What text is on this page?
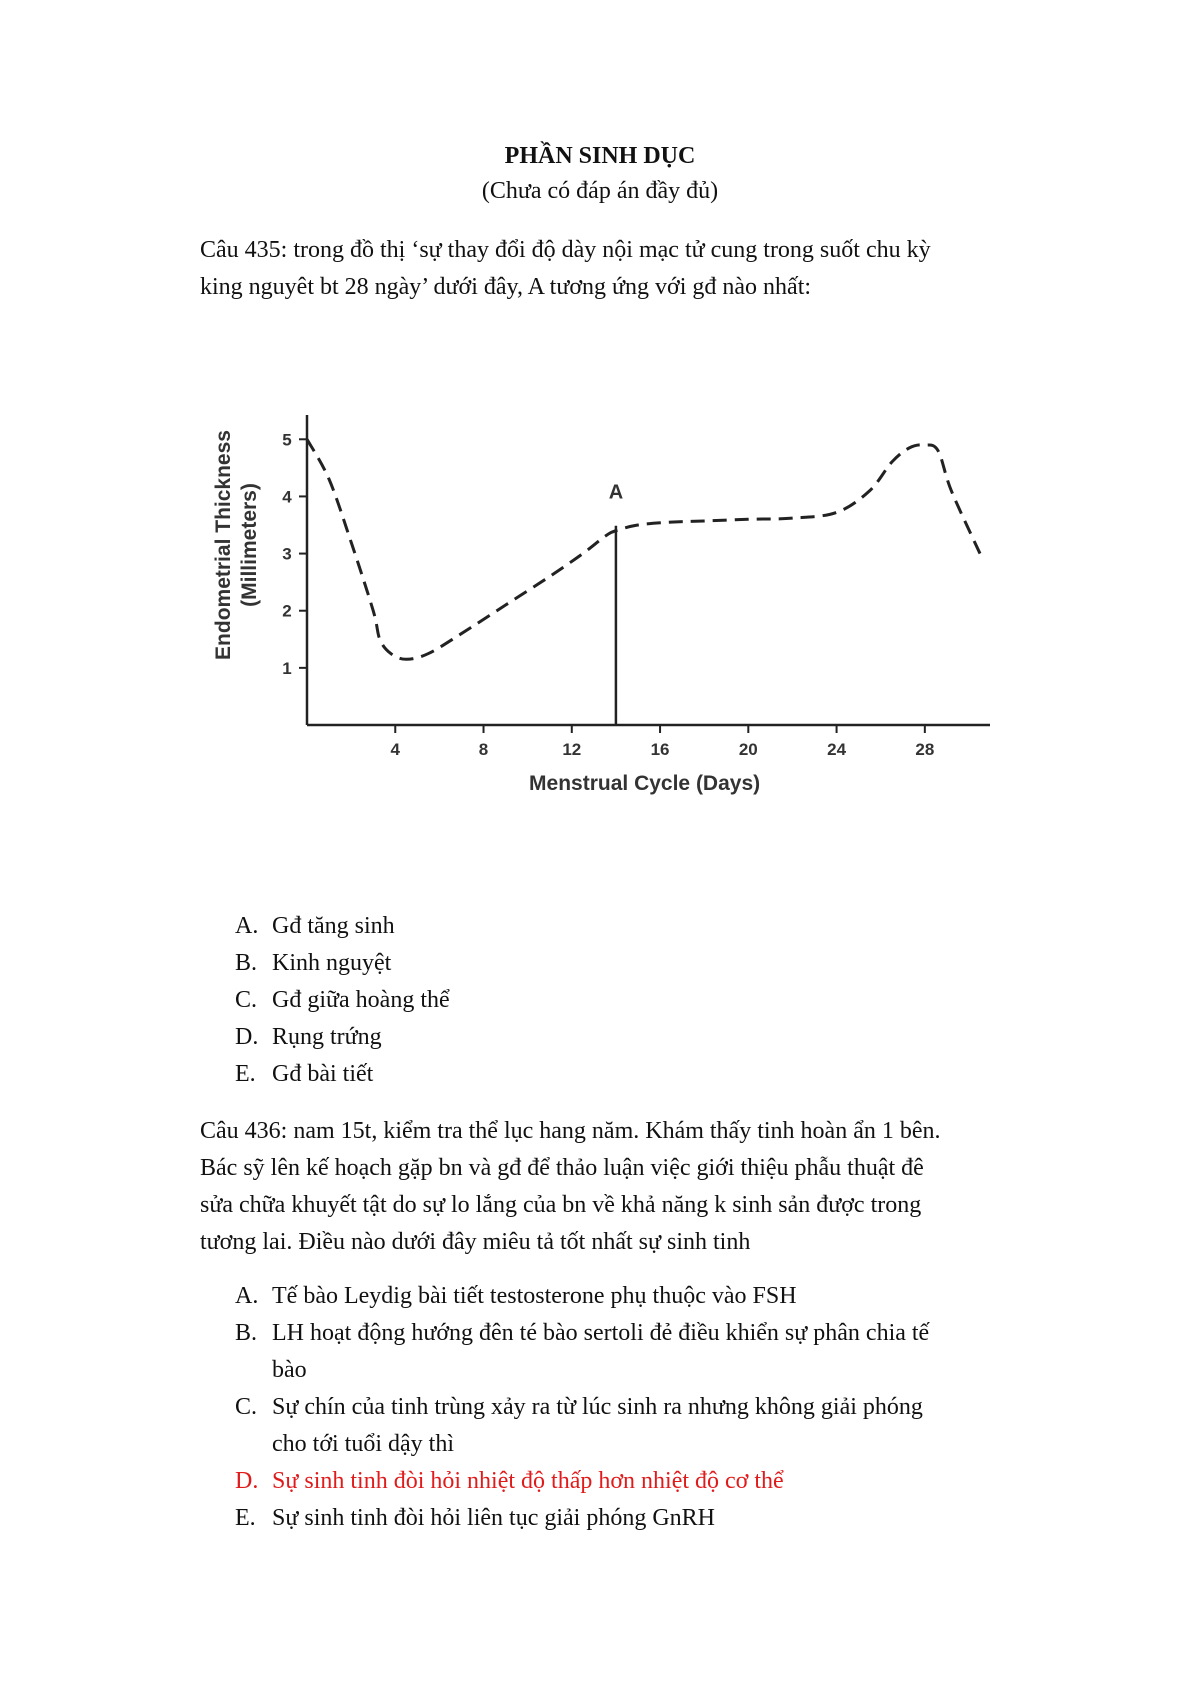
PHẦN SINH DỤC
(Chưa có đáp án đầy đủ)
Câu 435: trong đồ thị ‘sự thay đổi độ dày nội mạc tử cung trong suốt chu kỳ
king nguyêt bt 28 ngày’ dưới đây, A tương ứng với gđ nào nhất:
4	8	12	16	20	24	28
1
2
3
4
5
Menstrual Cycle (Days)
Endometrial Thickness (Millimeters)	A
A. Gđ tăng sinh
B. Kinh nguyệt
C. Gđ giữa hoàng thể
D. Rụng trứng
E. Gđ bài tiết
Câu 436: nam 15t, kiểm tra thể lục hang năm. Khám thấy tinh hoàn ẩn 1 bên.
Bác sỹ lên kế hoạch gặp bn và gđ để thảo luận việc giới thiệu phẫu thuật đê
sửa chữa khuyết tật do sự lo lắng của bn về khả năng k sinh sản được trong
tương lai. Điều nào dưới đây miêu tả tốt nhất sự sinh tinh
A. Tế bào Leydig bài tiết testosterone phụ thuộc vào FSH
B. LH hoạt động hướng đên té bào sertoli đẻ điều khiển sự phân chia tế
bào
C. Sự chín của tinh trùng xảy ra từ lúc sinh ra nhưng không giải phóng
cho tới tuổi dậy thì
D. Sự sinh tinh đòi hỏi nhiệt độ thấp hơn nhiệt độ cơ thể
E. Sự sinh tinh đòi hỏi liên tục giải phóng GnRH
